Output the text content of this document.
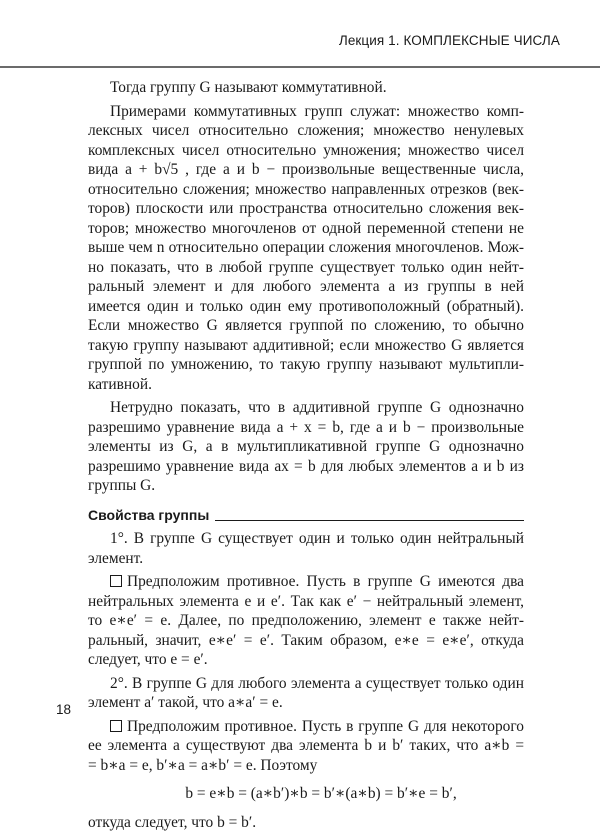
Лекция 1. КОМПЛЕКСНЫЕ ЧИСЛА
Тогда группу G называют коммутативной.
Примерами коммутативных групп служат: множество комп-
лексных чисел относительно сложения; множество ненулевых
комплексных чисел относительно умножения; множество чисел
вида a + b√5 , где a и b − произвольные вещественные числа,
относительно сложения; множество направленных отрезков (век-
торов) плоскости или пространства относительно сложения век-
торов; множество многочленов от одной переменной степени не
выше чем n относительно операции сложения многочленов. Мож-
но показать, что в любой группе существует только один нейт-
ральный элемент и для любого элемента a из группы в ней
имеется один и только один ему противоположный (обратный).
Если множество G является группой по сложению, то обычно
такую группу называют аддитивной; если множество G является
группой по умножению, то такую группу называют мультипли-
кативной.
Нетрудно показать, что в аддитивной группе G однозначно
разрешимо уравнение вида a + x = b, где a и b − произвольные
элементы из G, а в мультипликативной группе G однозначно
разрешимо уравнение вида ax = b для любых элементов a и b из
группы G.
Свойства группы
1°. В группе G существует один и только один нейтральный
элемент.
Предположим противное. Пусть в группе G имеются два
нейтральных элемента e и e′. Так как e′ − нейтральный элемент,
то e∗e′ = e. Далее, по предположению, элемент e также нейт-
ральный, значит, e∗e′ = e′. Таким образом, e∗e = e∗e′, откуда
следует, что e = e′.
2°. В группе G для любого элемента a существует только один
элемент a′ такой, что a∗a′ = e.
Предположим противное. Пусть в группе G для некоторого
ее элемента a существуют два элемента b и b′ таких, что a∗b =
= b∗a = e, b′∗a = a∗b′ = e. Поэтому
b = e∗b = (a∗b′)∗b = b′∗(a∗b) = b′∗e = b′,
откуда следует, что b = b′.
18
